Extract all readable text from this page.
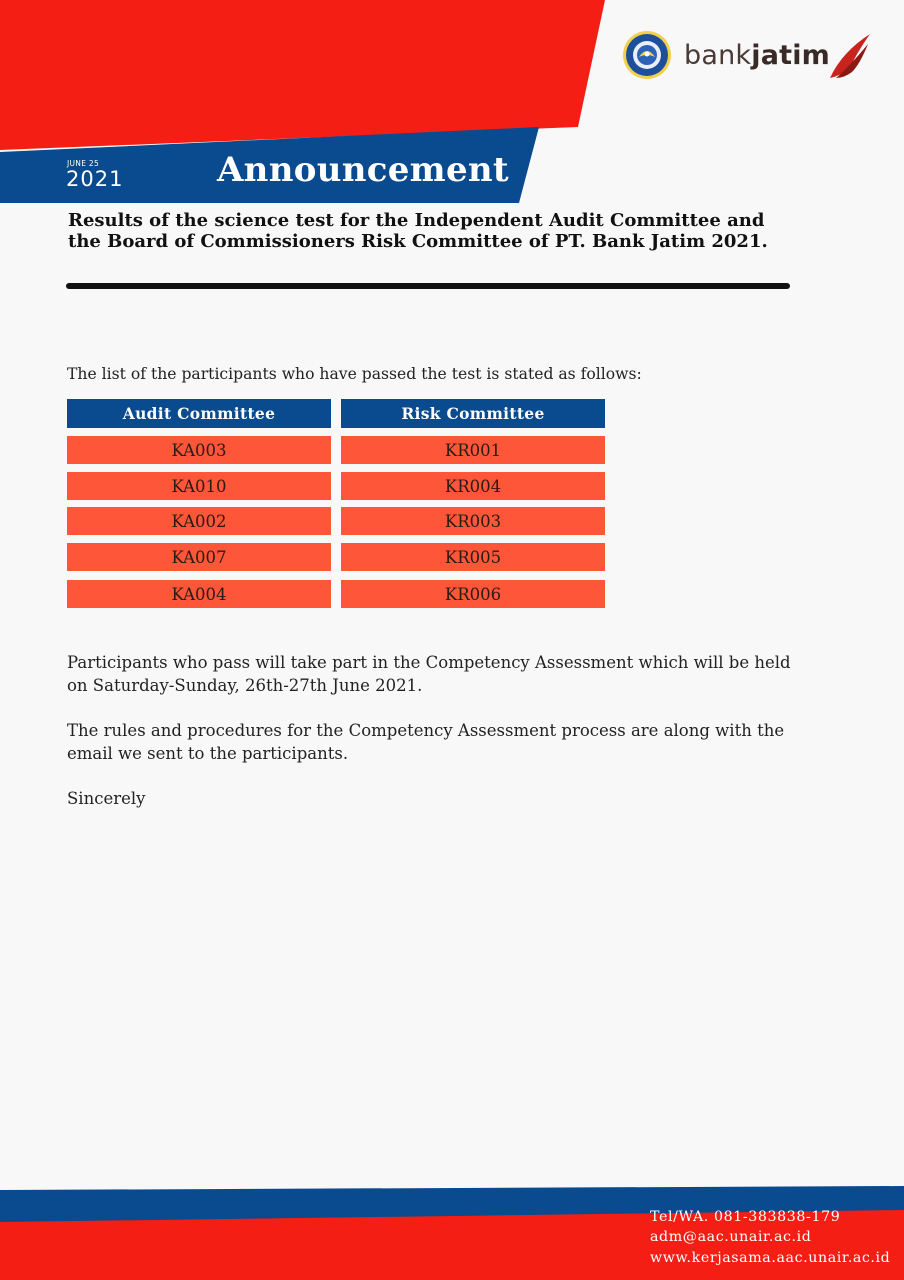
bankjatim
JUNE 25
2021	Announcement
Results of the science test for the Independent Audit Committee and the Board of Commissioners Risk Committee of PT. Bank Jatim 2021.
The list of the participants who have passed the test is stated as follows:
Audit Committee	Risk Committee
KA003
KA010
KA002
KA007
KA004
KR001
KR004
KR003
KR005
KR006
Participants who pass will take part in the Competency Assessment which will be held on Saturday-Sunday, 26th-27th June 2021.
The rules and procedures for the Competency Assessment process are along with the email we sent to the participants.
Sincerely
Tel/WA. 081-383838-179
adm@aac.unair.ac.id
www.kerjasama.aac.unair.ac.id
